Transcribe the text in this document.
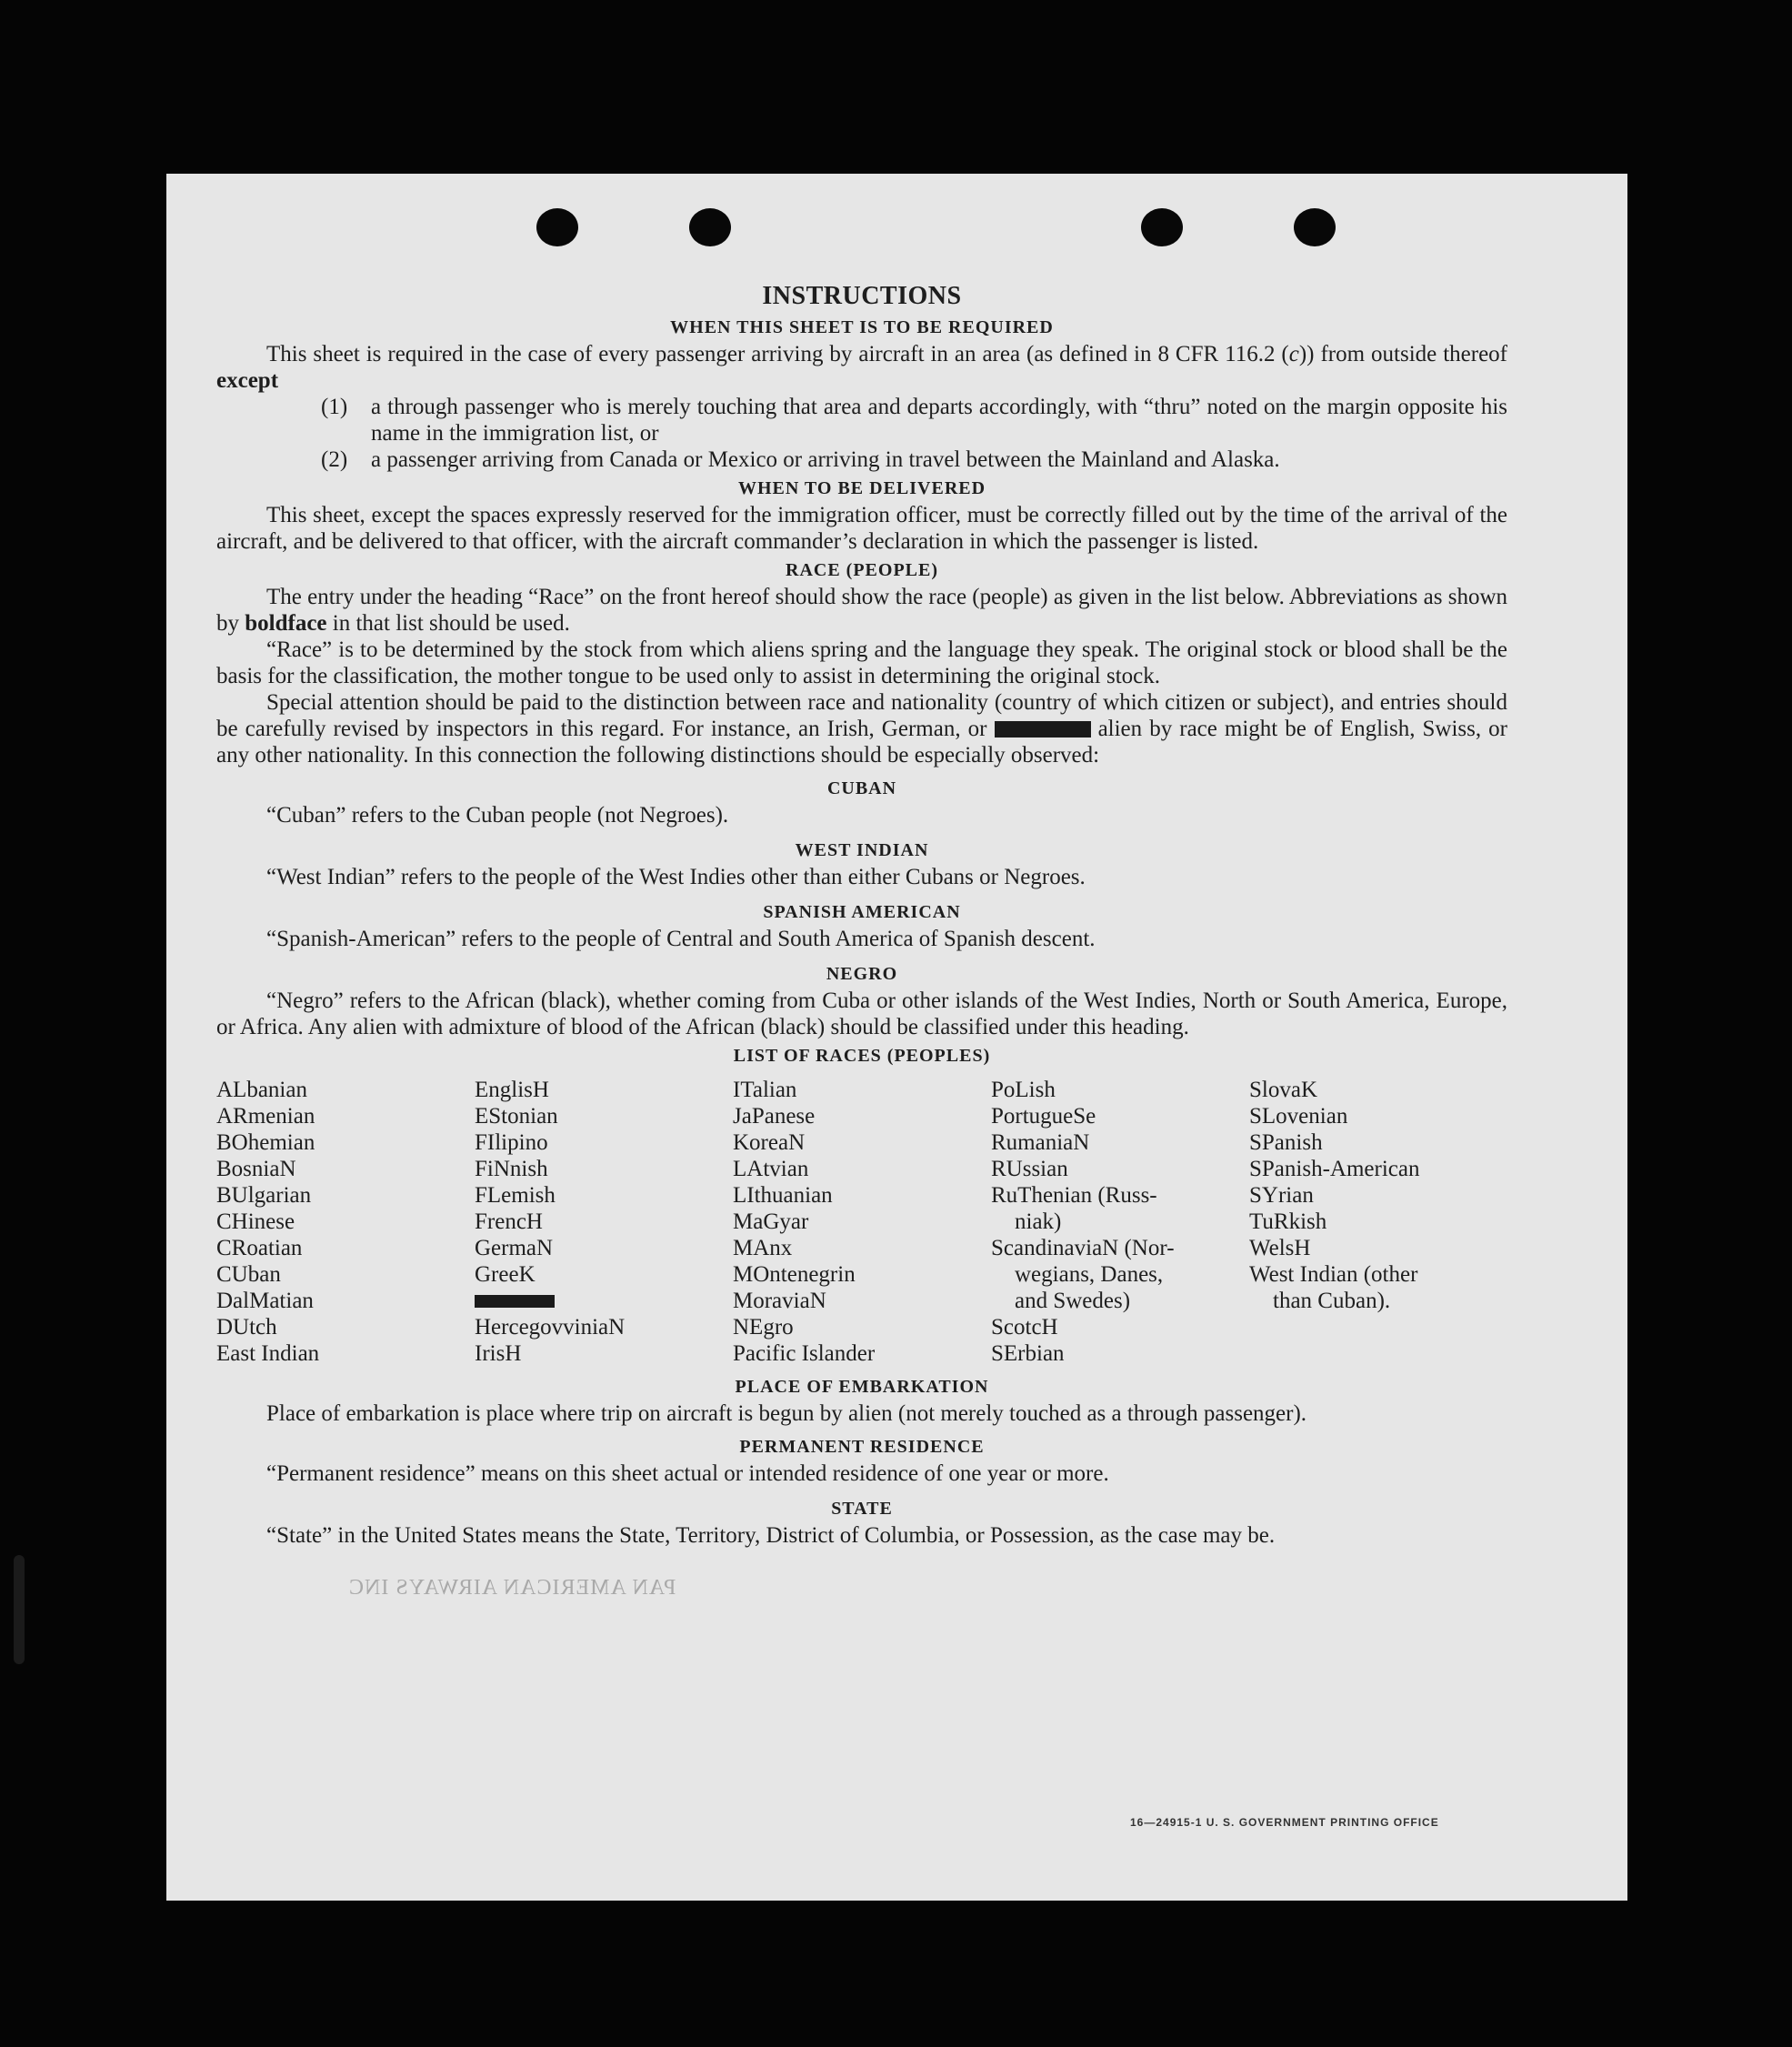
PAN AMERICAN AIRWAYS INC
INSTRUCTIONS
WHEN THIS SHEET IS TO BE REQUIRED

This sheet is required in the case of every passenger arriving by aircraft in an area (as defined in 8 CFR 116.2 (c)) from outside thereof except

(1)	a through passenger who is merely touching that area and departs accordingly, with “thru” noted on the margin opposite his name in the immigration list, or
(2)	a passenger arriving from Canada or Mexico or arriving in travel between the Mainland and Alaska.
WHEN TO BE DELIVERED

This sheet, except the spaces expressly reserved for the immigration officer, must be correctly filled out by the time of the arrival of the aircraft, and be delivered to that officer, with the aircraft commander’s declaration in which the passenger is listed.

RACE (PEOPLE)

The entry under the heading “Race” on the front hereof should show the race (people) as given in the list below. Abbreviations as shown by boldface in that list should be used.

“Race” is to be determined by the stock from which aliens spring and the language they speak. The original stock or blood shall be the basis for the classification, the mother tongue to be used only to assist in determining the original stock.

Special attention should be paid to the distinction between race and nationality (country of which citizen or subject), and entries should be carefully revised by inspectors in this regard. For instance, an Irish, German, or	alien by race might be of English, Swiss, or any other nationality. In this connection the following distinctions should be especially observed:

CUBAN

“Cuban” refers to the Cuban people (not Negroes).

WEST INDIAN

“West Indian” refers to the people of the West Indies other than either Cubans or Negroes.

SPANISH AMERICAN

“Spanish-American” refers to the people of Central and South America of Spanish descent.

NEGRO

“Negro” refers to the African (black), whether coming from Cuba or other islands of the West Indies, North or South America, Europe, or Africa. Any alien with admixture of blood of the African (black) should be classified under this heading.

LIST OF RACES (PEOPLES)
ALbanian
ARmenian
BOhemian
BosniaN
BUlgarian
CHinese
CRoatian
CUban
DalMatian
DUtch
East Indian
EnglisH
EStonian
FIlipino
FiNnish
FLemish
FrencH
GermaN
GreeK
HercegovviniaN
IrisH
ITalian
JaPanese
KoreaN
LAtvian
LIthuanian
MaGyar
MAnx
MOntenegrin
MoraviaN
NEgro
Pacific Islander
PoLish
PortugueSe
RumaniaN
RUssian
RuThenian (Russ-
niak)
ScandinaviaN (Nor-
wegians, Danes,
and Swedes)
ScotcH
SErbian
SlovaK
SLovenian
SPanish
SPanish-American
SYrian
TuRkish
WelsH
West Indian (other
than Cuban).
PLACE OF EMBARKATION

Place of embarkation is place where trip on aircraft is begun by alien (not merely touched as a through passenger).

PERMANENT RESIDENCE

“Permanent residence” means on this sheet actual or intended residence of one year or more.

STATE

“State” in the United States means the State, Territory, District of Columbia, or Possession, as the case may be.

16—24915-1 U. S. GOVERNMENT PRINTING OFFICE
